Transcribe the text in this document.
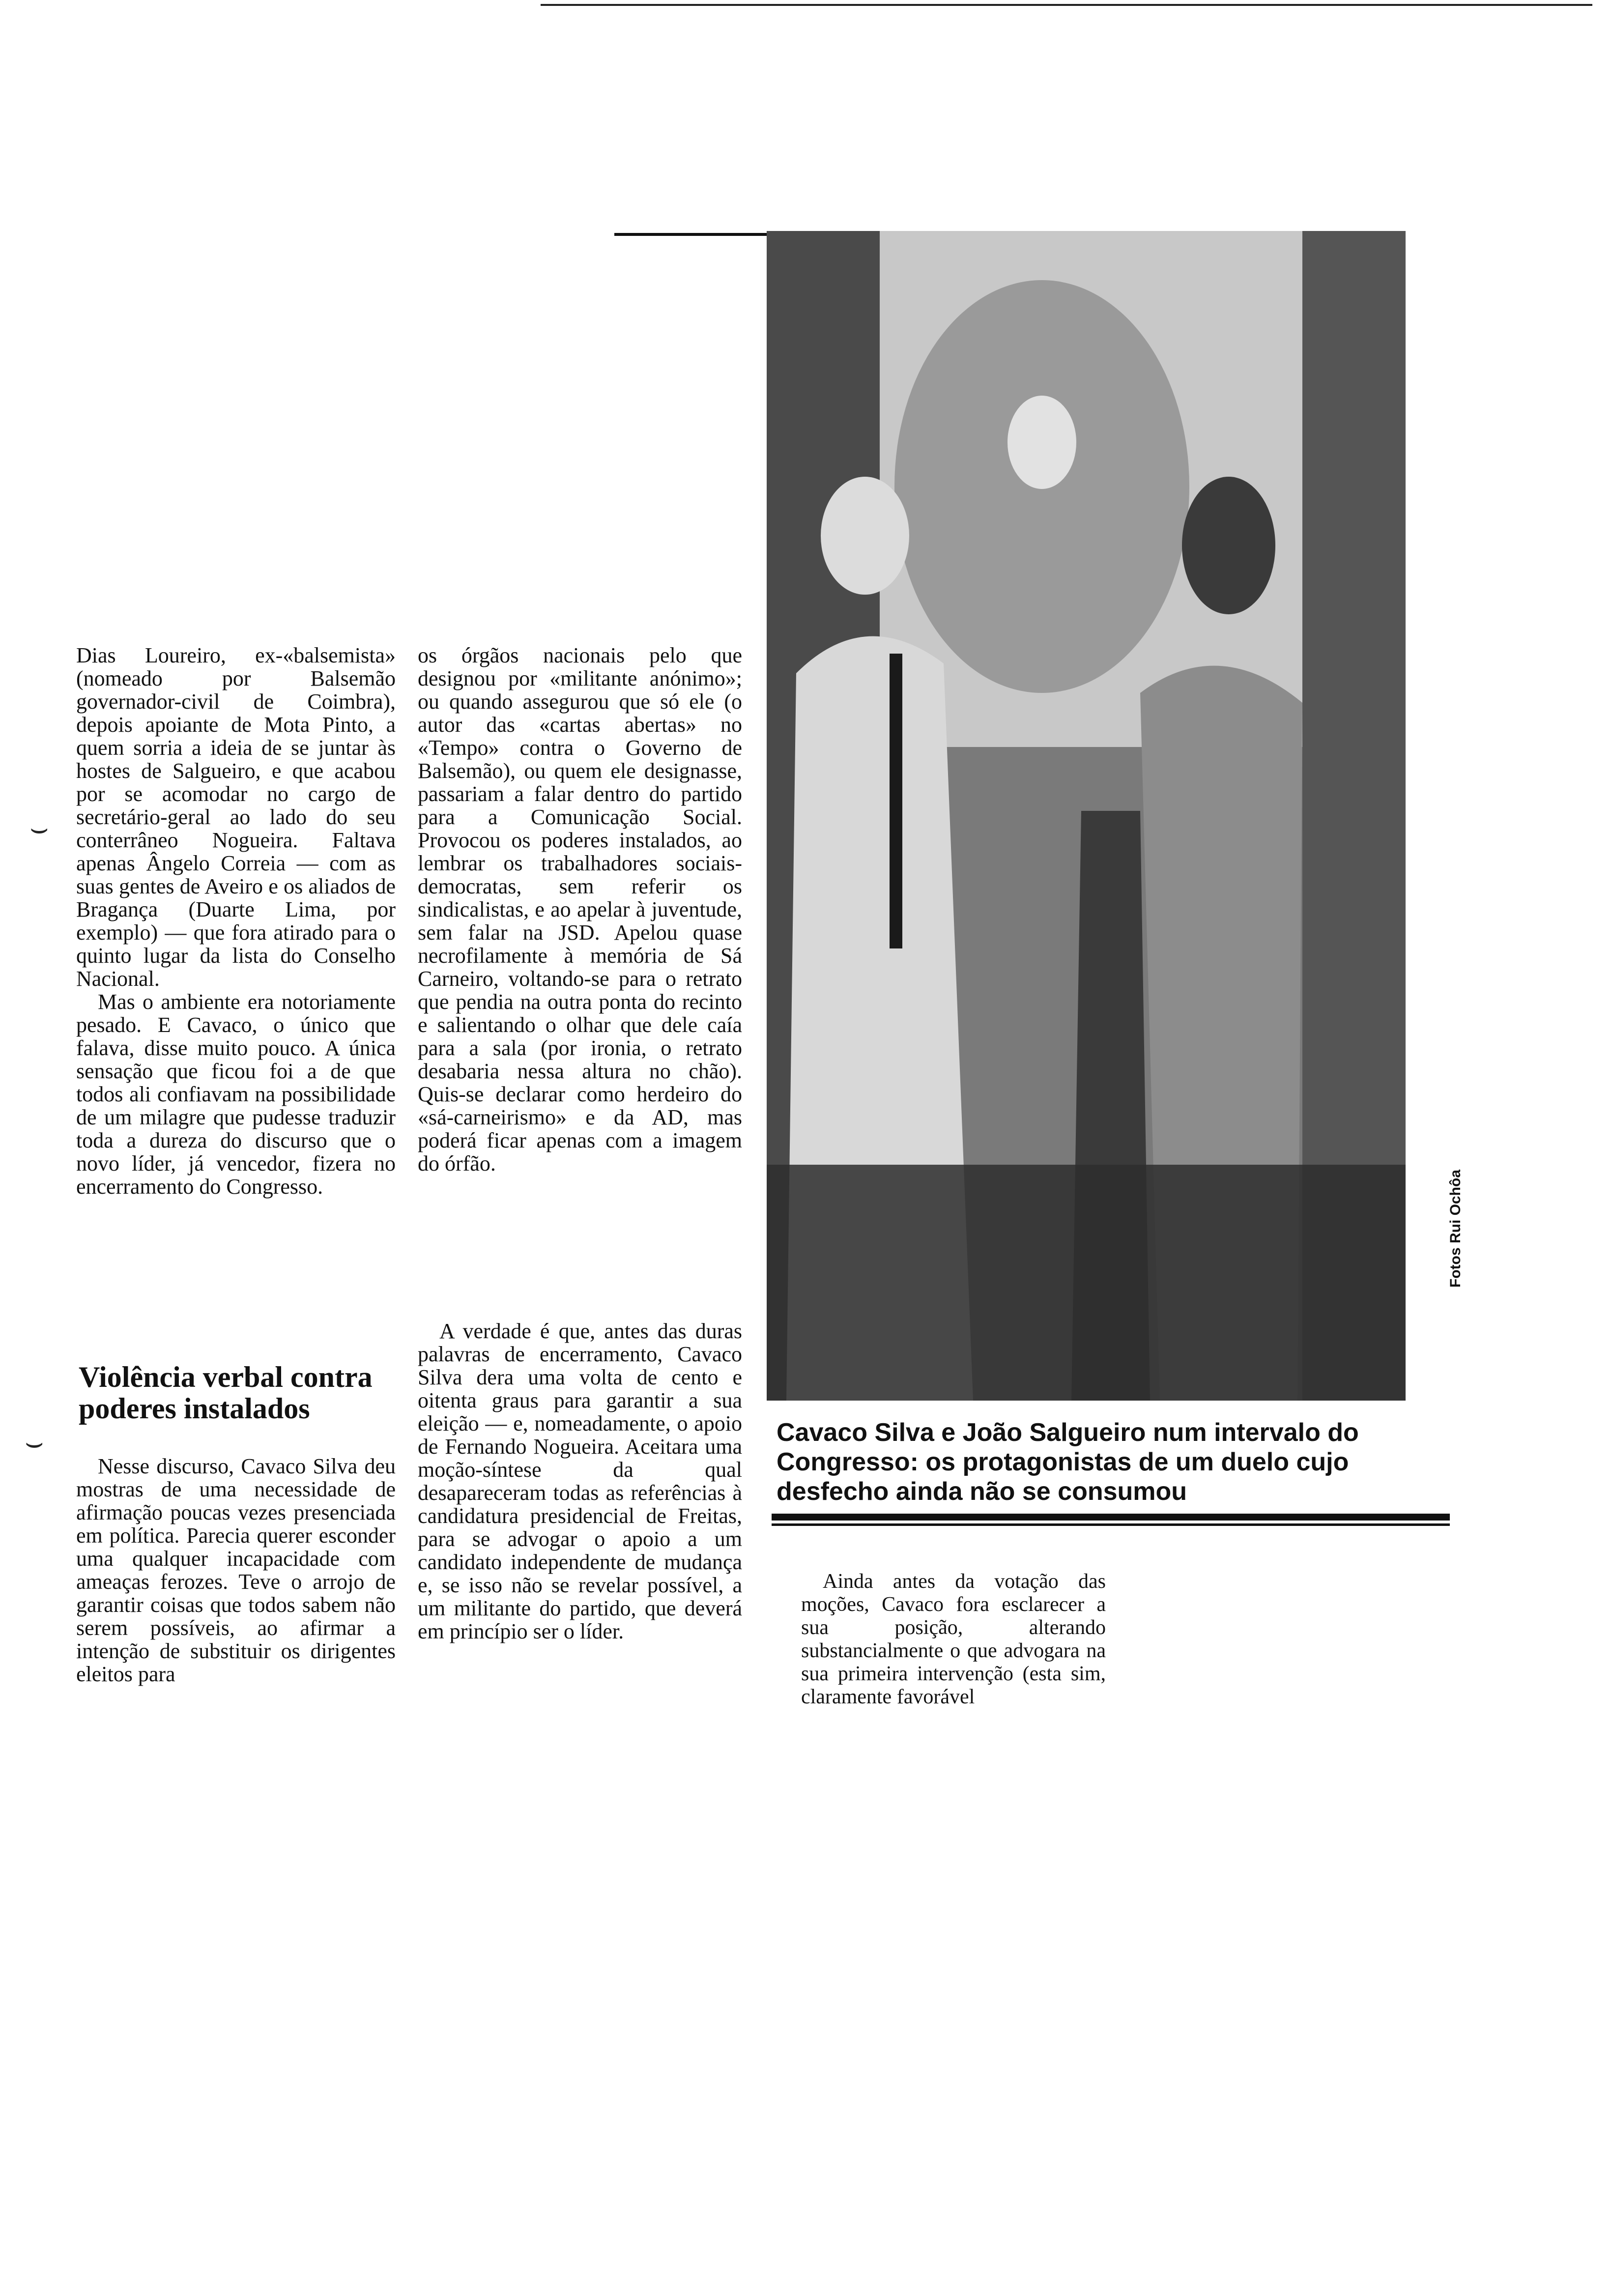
Dias Loureiro, ex-«balsemista» (nomeado por Balsemão governador-civil de Coimbra), depois apoiante de Mota Pinto, a quem sorria a ideia de se juntar às hostes de Salgueiro, e que acabou por se acomodar no cargo de secretário-geral ao lado do seu conterrâneo Nogueira. Faltava apenas Ângelo Correia — com as suas gentes de Aveiro e os aliados de Bragança (Duarte Lima, por exemplo) — que fora atirado para o quinto lugar da lista do Conselho Nacional.

Mas o ambiente era notoriamente pesado. E Cavaco, o único que falava, disse muito pouco. A única sensação que ficou foi a de que todos ali confiavam na possibilidade de um milagre que pudesse traduzir toda a dureza do discurso que o novo líder, já vencedor, fizera no encerramento do Congresso.

Violência verbal contra poderes instalados

Nesse discurso, Cavaco Silva deu mostras de uma necessidade de afirmação poucas vezes presenciada em política. Parecia querer esconder uma qualquer incapacidade com ameaças ferozes. Teve o arrojo de garantir coisas que todos sabem não serem possíveis, ao afirmar a intenção de substituir os dirigentes eleitos para

os órgãos nacionais pelo que designou por «militante anónimo»; ou quando assegurou que só ele (o autor das «cartas abertas» no «Tempo» contra o Governo de Balsemão), ou quem ele designasse, passariam a falar dentro do partido para a Comunicação Social. Provocou os poderes instalados, ao lembrar os trabalhadores sociais-democratas, sem referir os sindicalistas, e ao apelar à juventude, sem falar na JSD. Apelou quase necrofilamente à memória de Sá Carneiro, voltando-se para o retrato que pendia na outra ponta do recinto e salientando o olhar que dele caía para a sala (por ironia, o retrato desabaria nessa altura no chão). Quis-se declarar como herdeiro do «sá-carneirismo» e da AD, mas poderá ficar apenas com a imagem do órfão.

A verdade é que, antes das duras palavras de encerramento, Cavaco Silva dera uma volta de cento e oitenta graus para garantir a sua eleição — e, nomeadamente, o apoio de Fernando Nogueira. Aceitara uma moção-síntese da qual desapareceram todas as referências à candidatura presidencial de Freitas, para se advogar o apoio a um candidato independente de mudança e, se isso não se revelar possível, a um militante do partido, que deverá em princípio ser o líder.

Fotos Rui Ochôa
Cavaco Silva e João Salgueiro num intervalo do Congresso: os protagonistas de um duelo cujo desfecho ainda não se consumou

Ainda antes da votação das moções, Cavaco fora esclarecer a sua posição, alterando substancialmente o que advogara na sua primeira intervenção (esta sim, claramente favorável

⌣
⌣
